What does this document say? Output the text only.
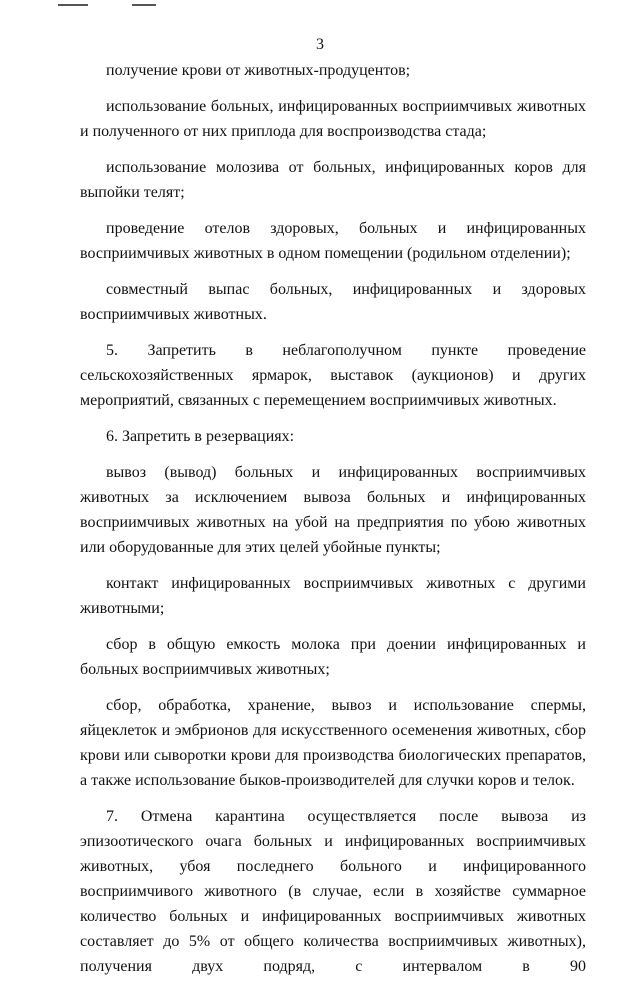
3

получение крови от животных-продуцентов;

использование больных, инфицированных восприимчивых животных и полученного от них приплода для воспроизводства стада;

использование молозива от больных, инфицированных коров для выпойки телят;

проведение отелов здоровых, больных и инфицированных восприимчивых животных в одном помещении (родильном отделении);

совместный выпас больных, инфицированных и здоровых восприимчивых животных.

5. Запретить в неблагополучном пункте проведение сельскохозяйственных ярмарок, выставок (аукционов) и других мероприятий, связанных с перемещением восприимчивых животных.

6. Запретить в резервациях:

вывоз (вывод) больных и инфицированных восприимчивых животных за исключением вывоза больных и инфицированных восприимчивых животных на убой на предприятия по убою животных или оборудованные для этих целей убойные пункты;

контакт инфицированных восприимчивых животных с другими животными;

сбор в общую емкость молока при доении инфицированных и больных восприимчивых животных;

сбор, обработка, хранение, вывоз и использование спермы, яйцеклеток и эмбрионов для искусственного осеменения животных, сбор крови или сыворотки крови для производства биологических препаратов, а также использование быков-производителей для случки коров и телок.

7. Отмена карантина осуществляется после вывоза из эпизоотического очага больных и инфицированных восприимчивых животных, убоя последнего больного и инфицированного восприимчивого животного (в случае, если в хозяйстве суммарное количество больных и инфицированных восприимчивых животных составляет до 5% от общего количества восприимчивых животных), получения двух подряд, с интервалом в 90
